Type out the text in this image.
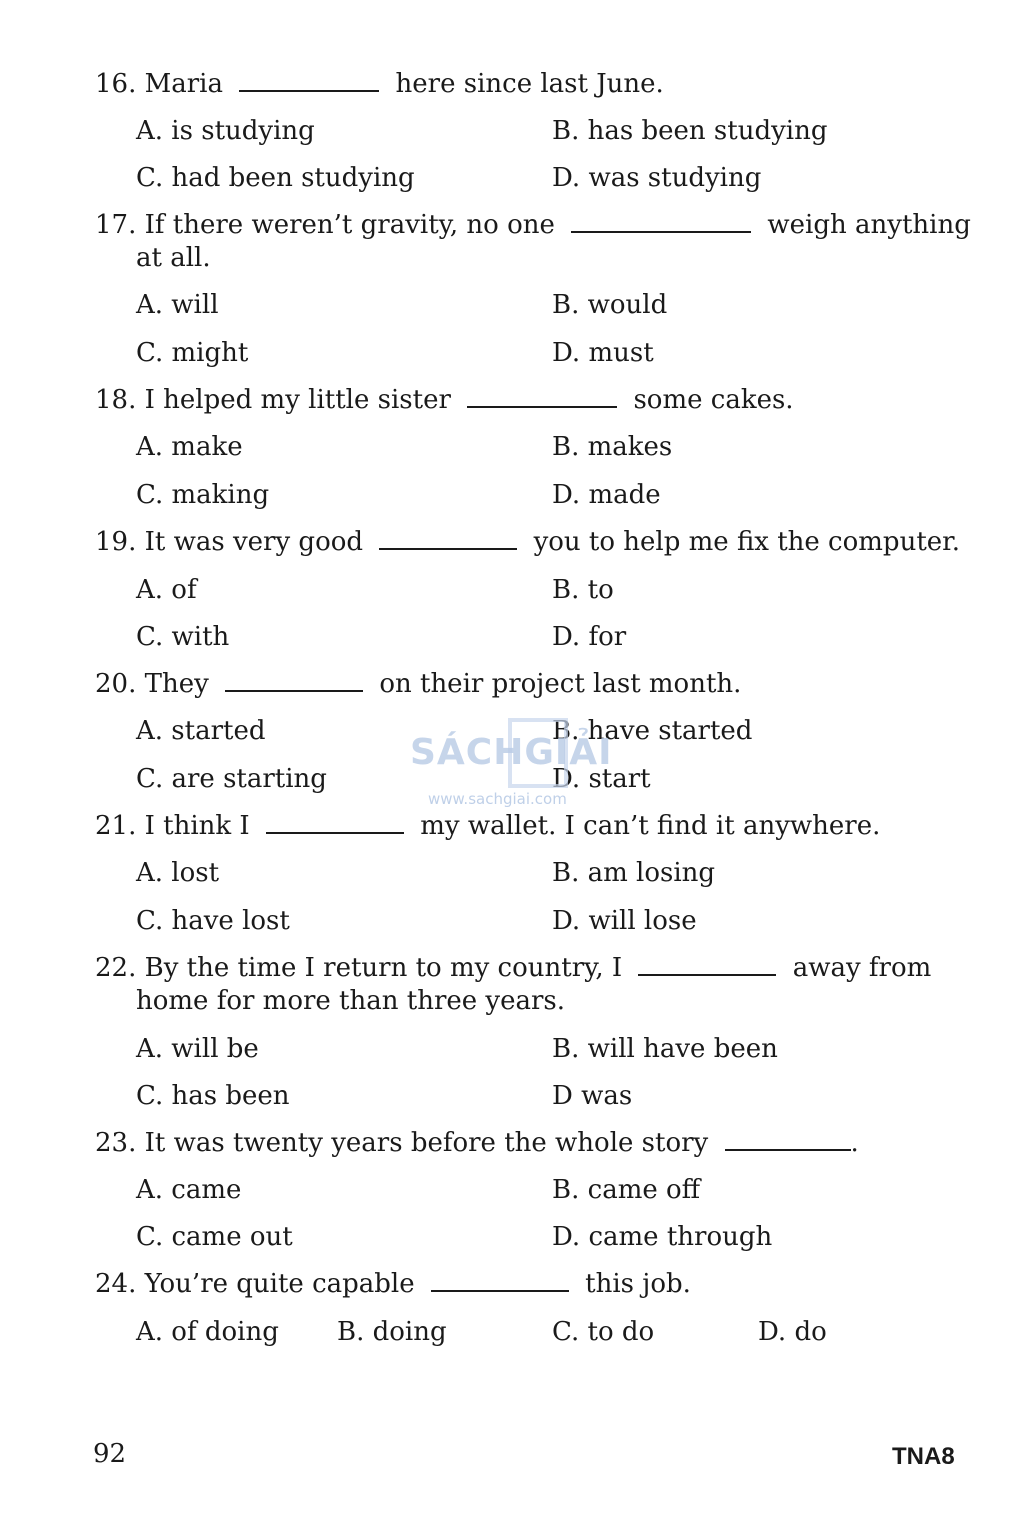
16. Maria	here since last June.
A. is studying	B. has been studying
C. had been studying	D. was studying
17. If there weren’t gravity, no one	weigh anything
at all.
A. will	B. would
C. might	D. must
18. I helped my little sister	some cakes.
A. make	B. makes
C. making	D. made
19. It was very good	you to help me fix the computer.
A. of	B. to
C. with	D. for
20. They	on their project last month.
A. started	B. have started
C. are starting	D. start
SÁCHGIẢI
www.sachgiai.com
21. I think I	my wallet. I can’t find it anywhere.
A. lost	B. am losing
C. have lost	D. will lose
22. By the time I return to my country, I	away from
home for more than three years.
A. will be	B. will have been
C. has been	D was
23. It was twenty years before the whole story	.
A. came	B. came off
C. came out	D. came through
24. You’re quite capable	this job.
A. of doing B. doing	C. to do	D. do
92	TNA8
